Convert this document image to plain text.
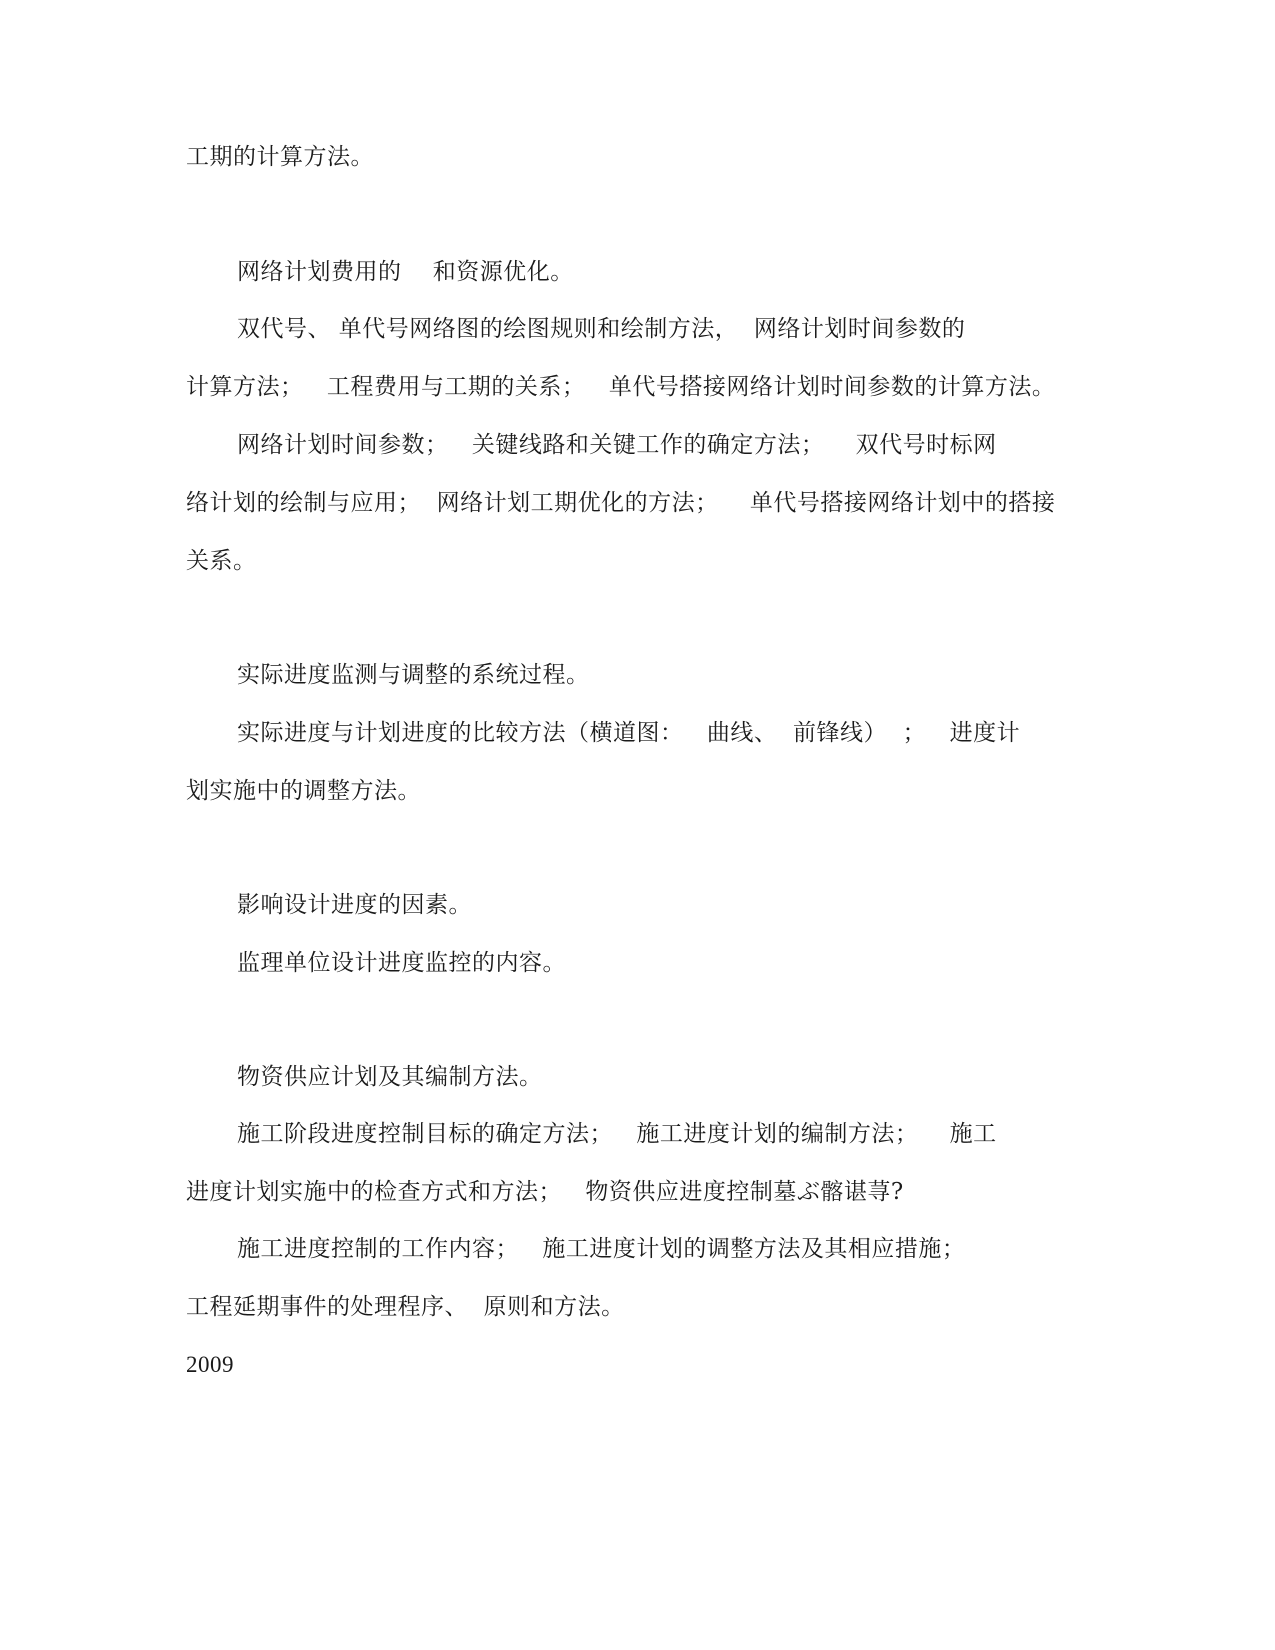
工期的计算方法。
网络计划费用的    和资源优化。
双代号、 单代号网络图的绘图规则和绘制方法，  网络计划时间参数的
计算方法；   工程费用与工期的关系；   单代号搭接网络计划时间参数的计算方法。
网络计划时间参数；   关键线路和关键工作的确定方法；    双代号时标网
络计划的绘制与应用；  网络计划工期优化的方法；    单代号搭接网络计划中的搭接
关系。
实际进度监测与调整的系统过程。
实际进度与计划进度的比较方法（横道图：   曲线、  前锋线）  ；   进度计
划实施中的调整方法。
影响设计进度的因素。
监理单位设计进度监控的内容。
物资供应计划及其编制方法。
施工阶段进度控制目标的确定方法；   施工进度计划的编制方法；    施工
进度计划实施中的检查方式和方法；   物资供应进度控制墓ぶ髂谌荨?
施工进度控制的工作内容；   施工进度计划的调整方法及其相应措施；
工程延期事件的处理程序、  原则和方法。
2009
